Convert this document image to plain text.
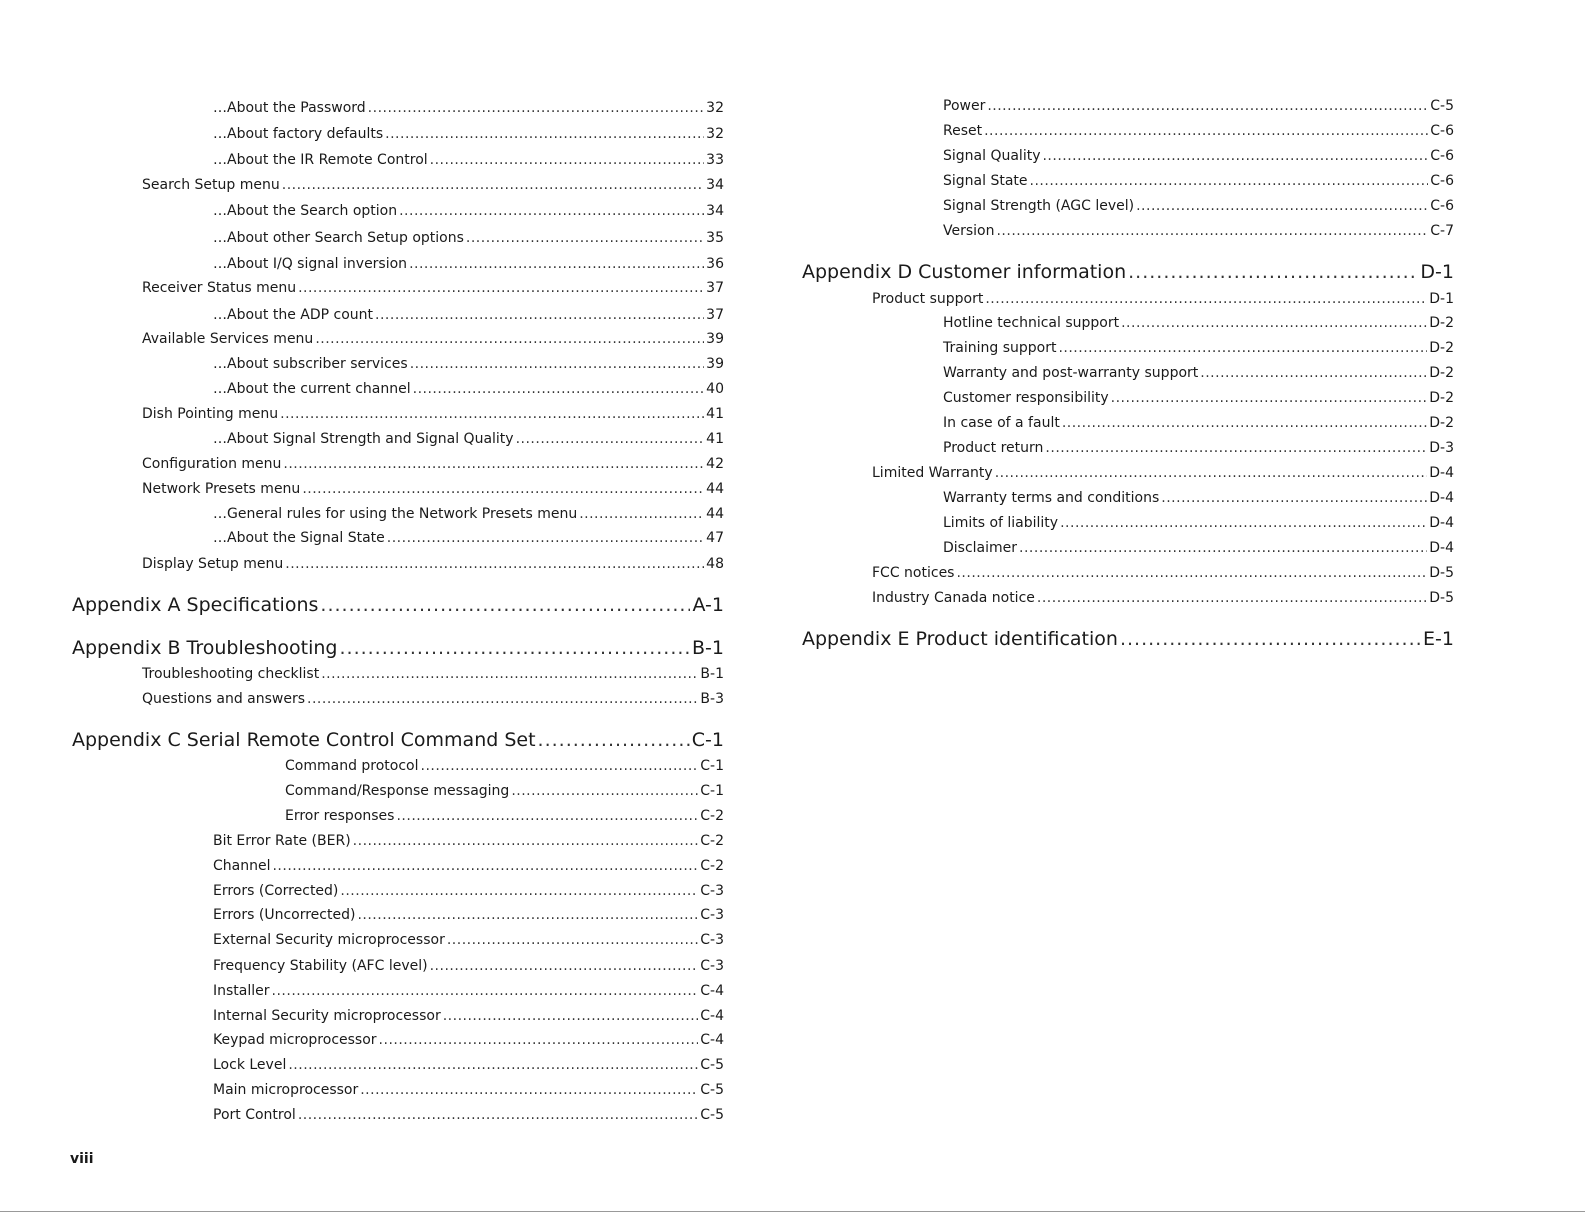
…About the Password .....	32
…About factory defaults .....	32
…About the IR Remote Control .....	33
Search Setup menu .....	34
…About the Search option .....	34
…About other Search Setup options .....	35
…About I/Q signal inversion .....	36
Receiver Status menu .....	37
…About the ADP count .....	37
Available Services menu .....	39
…About subscriber services .....	39
…About the current channel .....	40
Dish Pointing menu .....	41
…About Signal Strength and Signal Quality .....	41
Configuration menu .....	42
Network Presets menu .....	44
…General rules for using the Network Presets menu .....	44
…About the Signal State .....	47
Display Setup menu .....	48
Appendix A Specifications .....	A-1
Appendix B Troubleshooting .....	B-1
Troubleshooting checklist .....	B-1
Questions and answers .....	B-3
Appendix C Serial Remote Control Command Set .....	C-1
Command protocol .....	C-1
Command/Response messaging .....	C-1
Error responses .....	C-2
Bit Error Rate (BER) .....	C-2
Channel .....	C-2
Errors (Corrected) .....	C-3
Errors (Uncorrected) .....	C-3
External Security microprocessor .....	C-3
Frequency Stability (AFC level) .....	C-3
Installer .....	C-4
Internal Security microprocessor .....	C-4
Keypad microprocessor .....	C-4
Lock Level .....	C-5
Main microprocessor .....	C-5
Port Control .....	C-5
Power .....	C-5
Reset .....	C-6
Signal Quality .....	C-6
Signal State .....	C-6
Signal Strength (AGC level) .....	C-6
Version .....	C-7
Appendix D Customer information .....	D-1
Product support .....	D-1
Hotline technical support .....	D-2
Training support .....	D-2
Warranty and post-warranty support .....	D-2
Customer responsibility .....	D-2
In case of a fault .....	D-2
Product return .....	D-3
Limited Warranty .....	D-4
Warranty terms and conditions .....	D-4
Limits of liability .....	D-4
Disclaimer .....	D-4
FCC notices .....	D-5
Industry Canada notice .....	D-5
Appendix E Product identification .....	E-1
viii
